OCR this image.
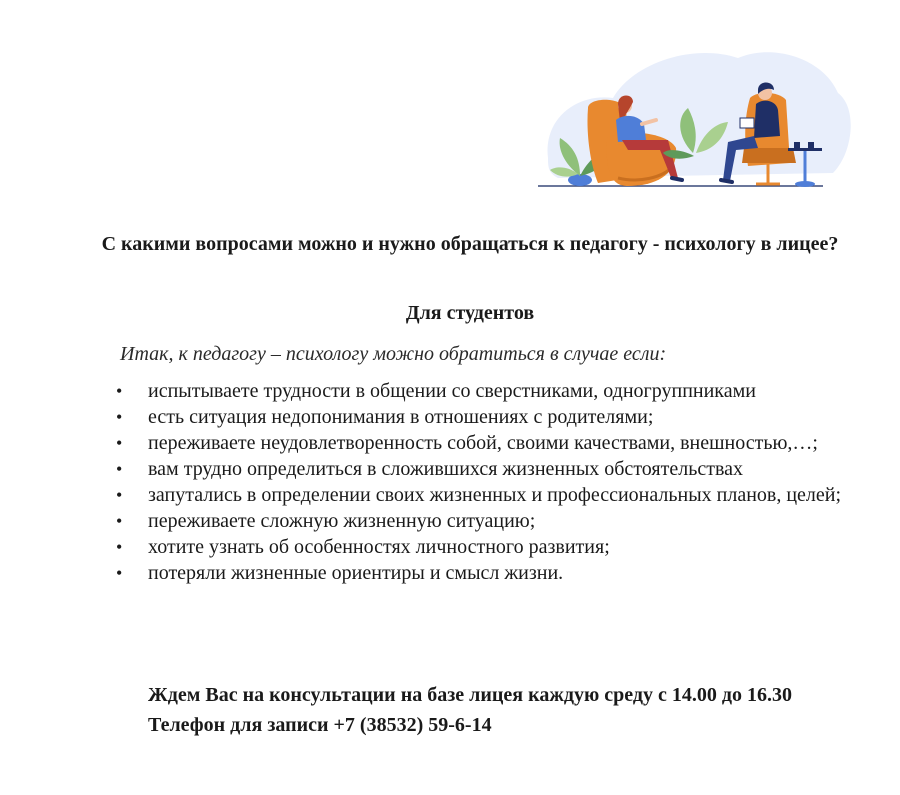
С какими вопросами можно и нужно обращаться к педагогу - психологу в лицее?
Для студентов

Итак, к педагогу – психологу можно обратиться в случае если:

• испытываете трудности в общении со сверстниками, одногруппниками
• есть ситуация недопонимания в отношениях с родителями;
• переживаете неудовлетворенность собой, своими качествами, внешностью,…;
• вам трудно определиться в сложившихся жизненных обстоятельствах
• запутались в определении своих жизненных и профессиональных планов, целей;
• переживаете сложную жизненную ситуацию;
• хотите узнать об особенностях личностного развития;
• потеряли жизненные ориентиры и смысл жизни.

Ждем Вас на консультации на базе лицея каждую среду с 14.00 до 16.30 Телефон для записи +7 (38532) 59-6-14
